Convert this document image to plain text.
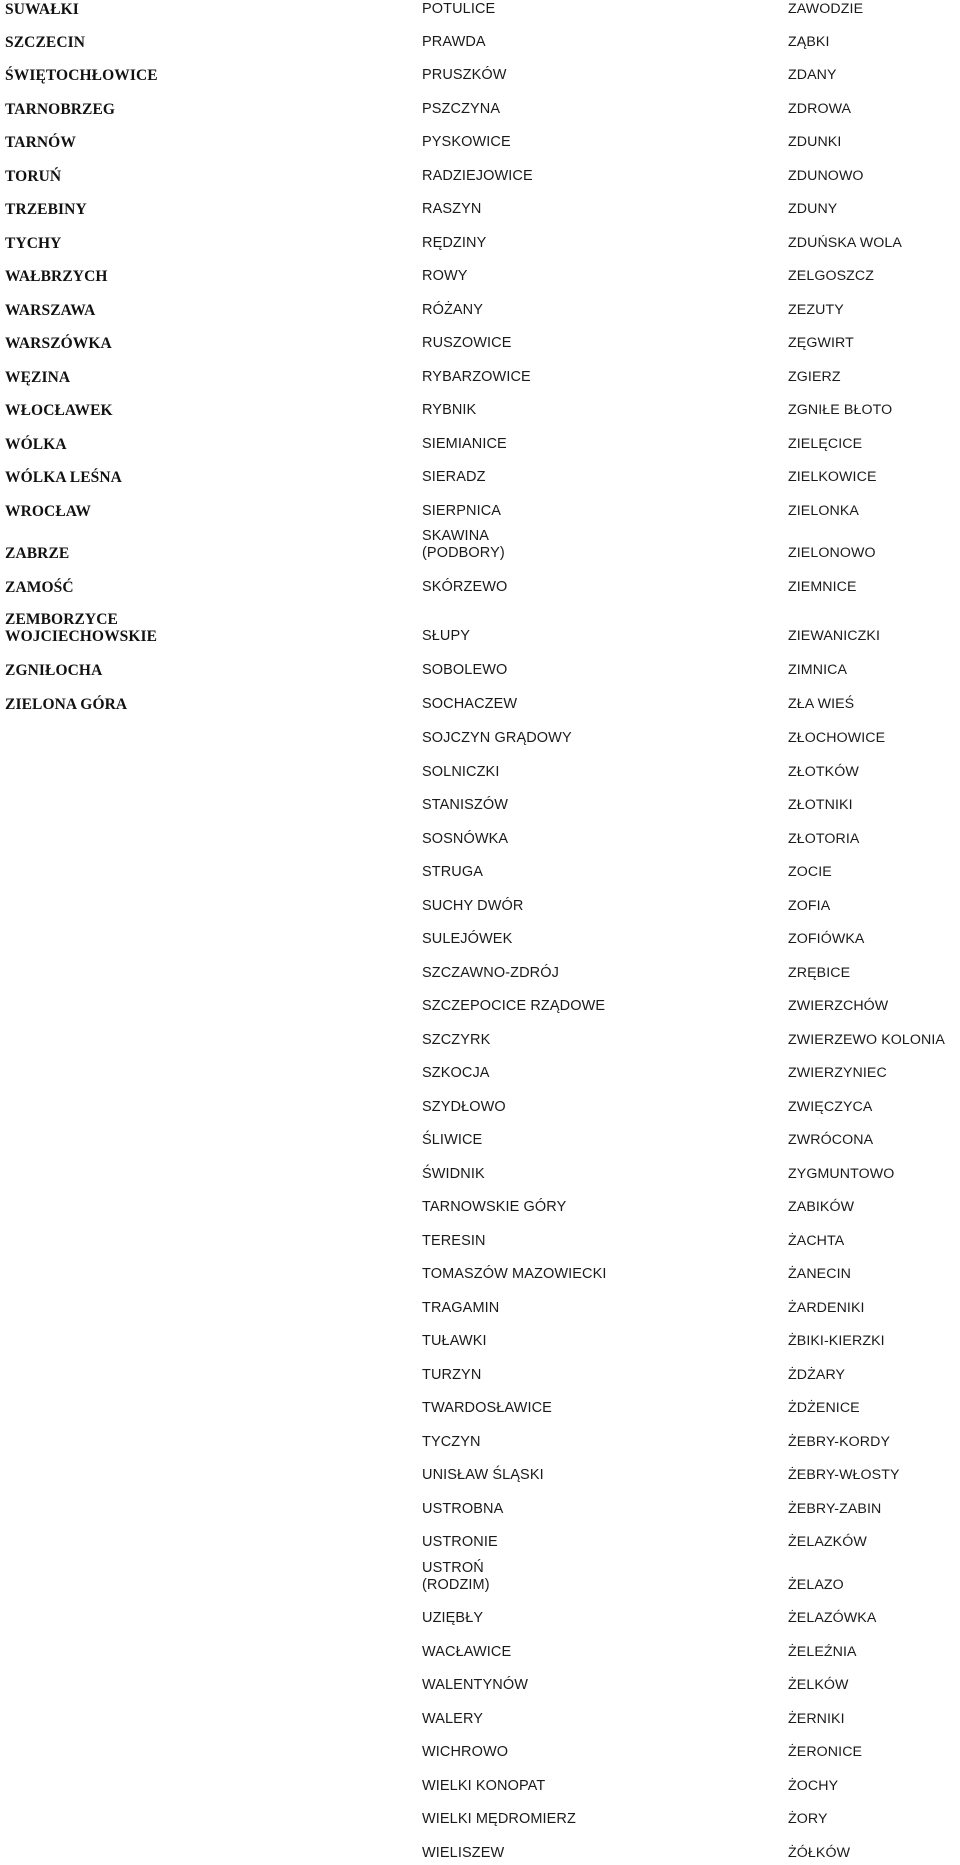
SUWAŁKI
SZCZECIN
ŚWIĘTOCHŁOWICE
TARNOBRZEG
TARNÓW
TORUŃ
TRZEBINY
TYCHY
WAŁBRZYCH
WARSZAWA
WARSZÓWKA
WĘZINA
WŁOCŁAWEK
WÓLKA
WÓLKA LEŚNA
WROCŁAW
ZABRZE
ZAMOŚĆ
ZEMBORZYCE
WOJCIECHOWSKIE
ZGNIŁOCHA
ZIELONA GÓRA
POTULICE
PRAWDA
PRUSZKÓW
PSZCZYNA
PYSKOWICE
RADZIEJOWICE
RASZYN
RĘDZINY
ROWY
RÓŻANY
RUSZOWICE
RYBARZOWICE
RYBNIK
SIEMIANICE
SIERADZ
SIERPNICA
SKAWINA
(PODBORY)
SKÓRZEWO
SŁUPY
SOBOLEWO
SOCHACZEW
SOJCZYN GRĄDOWY
SOLNICZKI
STANISZÓW
SOSNÓWKA
STRUGA
SUCHY DWÓR
SULEJÓWEK
SZCZAWNO-ZDRÓJ
SZCZEPOCICE RZĄDOWE
SZCZYRK
SZKOCJA
SZYDŁOWO
ŚLIWICE
ŚWIDNIK
TARNOWSKIE GÓRY
TERESIN
TOMASZÓW MAZOWIECKI
TRAGAMIN
TUŁAWKI
TURZYN
TWARDOSŁAWICE
TYCZYN
UNISŁAW ŚLĄSKI
USTROBNA
USTRONIE
USTROŃ
(RODZIM)
UZIĘBŁY
WACŁAWICE
WALENTYNÓW
WALERY
WICHROWO
WIELKI KONOPAT
WIELKI MĘDROMIERZ
WIELISZEW
ZAWODZIE
ZĄBKI
ZDANY
ZDROWA
ZDUNKI
ZDUNOWO
ZDUNY
ZDUŃSKA WOLA
ZELGOSZCZ
ZEZUTY
ZĘGWIRT
ZGIERZ
ZGNIŁE BŁOTO
ZIELĘCICE
ZIELKOWICE
ZIELONKA
ZIELONOWO
ZIEMNICE
ZIEWANICZKI
ZIMNICA
ZŁA WIEŚ
ZŁOCHOWICE
ZŁOTKÓW
ZŁOTNIKI
ZŁOTORIA
ZOCIE
ZOFIA
ZOFIÓWKA
ZRĘBICE
ZWIERZCHÓW
ZWIERZEWO KOLONIA
ZWIERZYNIEC
ZWIĘCZYCA
ZWRÓCONA
ZYGMUNTOWO
ZABIKÓW
ŻACHTA
ŻANECIN
ŻARDENIKI
ŻBIKI-KIERZKI
ŻDŻARY
ŻDŻENICE
ŻEBRY-KORDY
ŻEBRY-WŁOSTY
ŻEBRY-ZABIN
ŻELAZKÓW
ŻELAZO
ŻELAZÓWKA
ŻELEŹNIA
ŻELKÓW
ŻERNIKI
ŻERONICE
ŻOCHY
ŻORY
ŻÓŁKÓW
